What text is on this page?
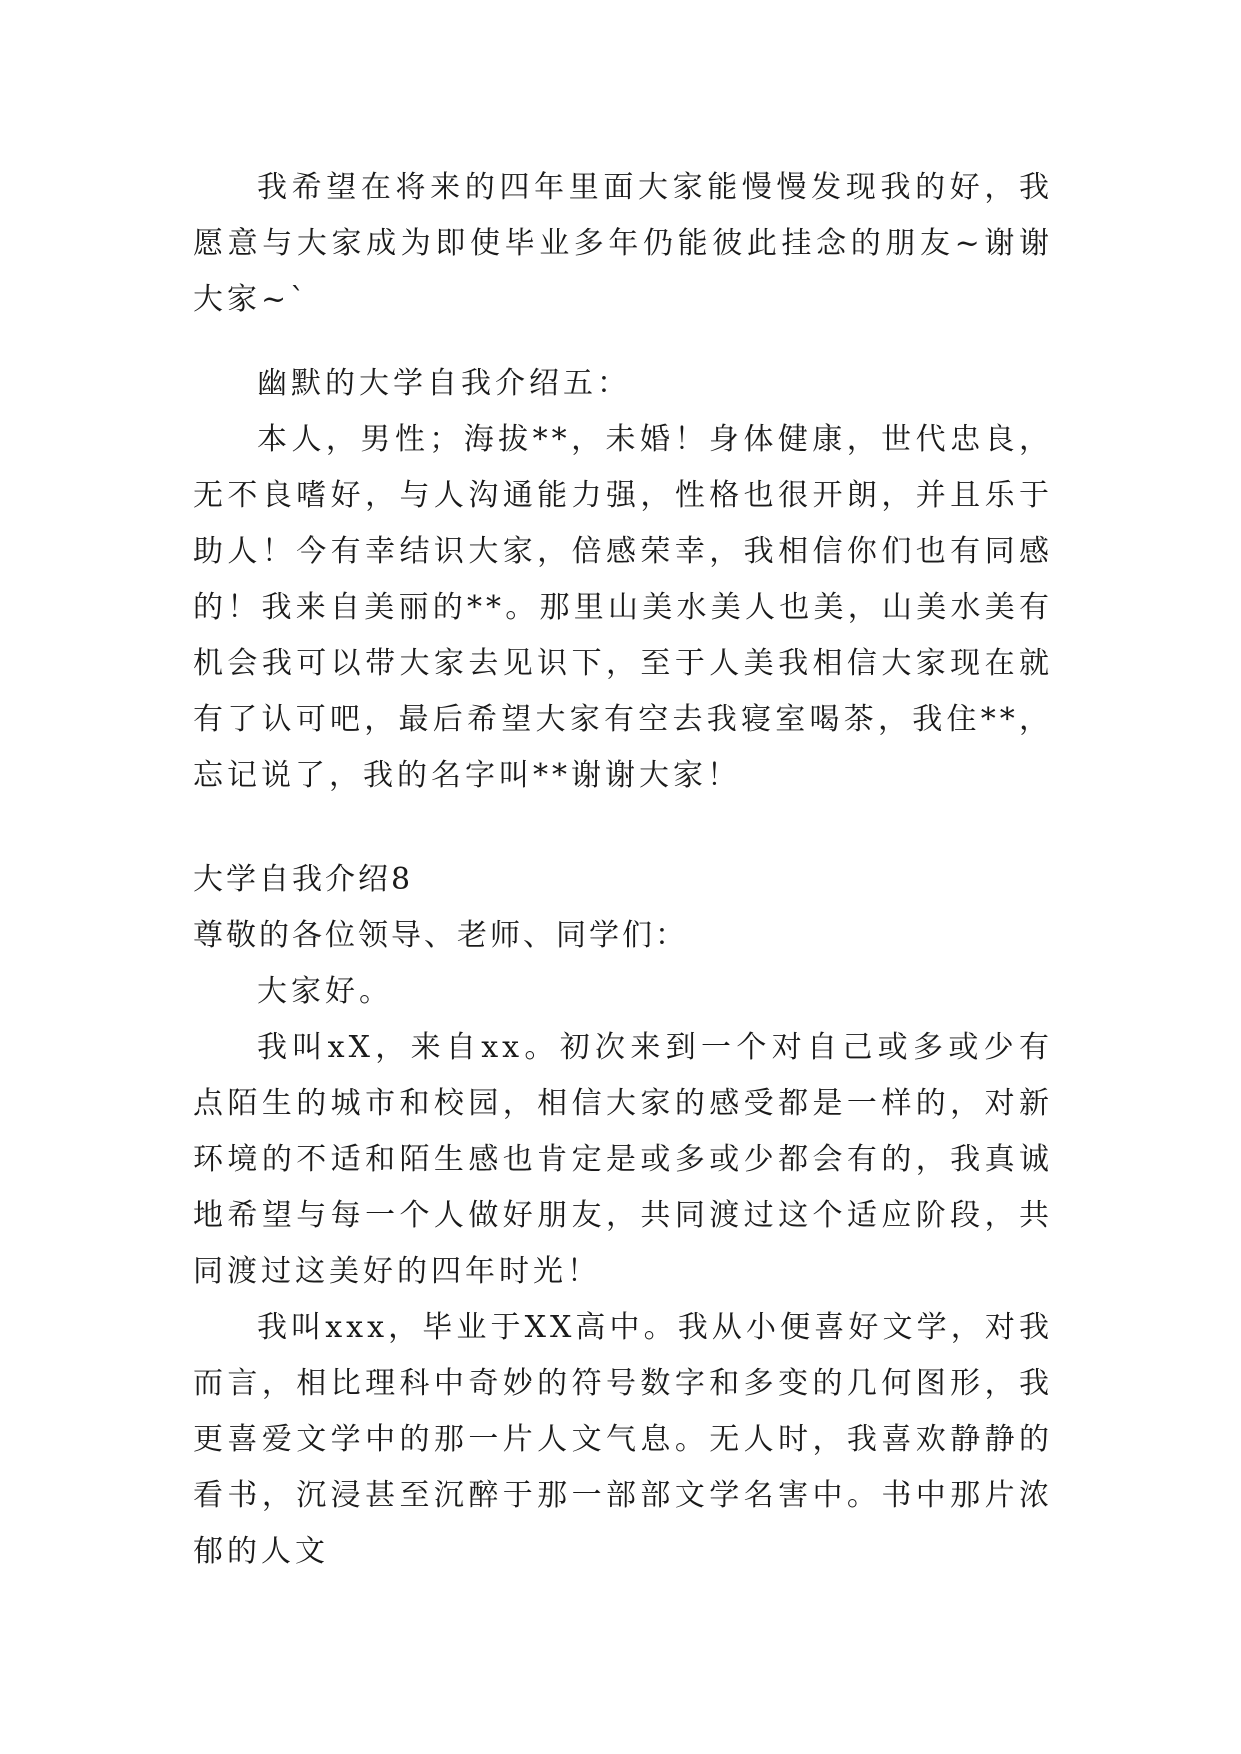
我希望在将来的四年里面大家能慢慢发现我的好，我愿意与大家成为即使毕业多年仍能彼此挂念的朋友~谢谢大家~`

幽默的大学自我介绍五：

本人，男性；海拔**，未婚！身体健康，世代忠良，无不良嗜好，与人沟通能力强，性格也很开朗，并且乐于助人！今有幸结识大家，倍感荣幸，我相信你们也有同感的！我来自美丽的**。那里山美水美人也美，山美水美有机会我可以带大家去见识下，至于人美我相信大家现在就有了认可吧，最后希望大家有空去我寝室喝茶，我住**，忘记说了，我的名字叫**谢谢大家！

大学自我介绍8

尊敬的各位领导、老师、同学们：

大家好。

我叫xX，来自xx。初次来到一个对自己或多或少有点陌生的城市和校园，相信大家的感受都是一样的，对新环境的不适和陌生感也肯定是或多或少都会有的，我真诚地希望与每一个人做好朋友，共同渡过这个适应阶段，共同渡过这美好的四年时光！

我叫xxx，毕业于XX高中。我从小便喜好文学，对我而言，相比理科中奇妙的符号数字和多变的几何图形，我更喜爱文学中的那一片人文气息。无人时，我喜欢静静的看书，沉浸甚至沉醉于那一部部文学名害中。书中那片浓郁的人文
